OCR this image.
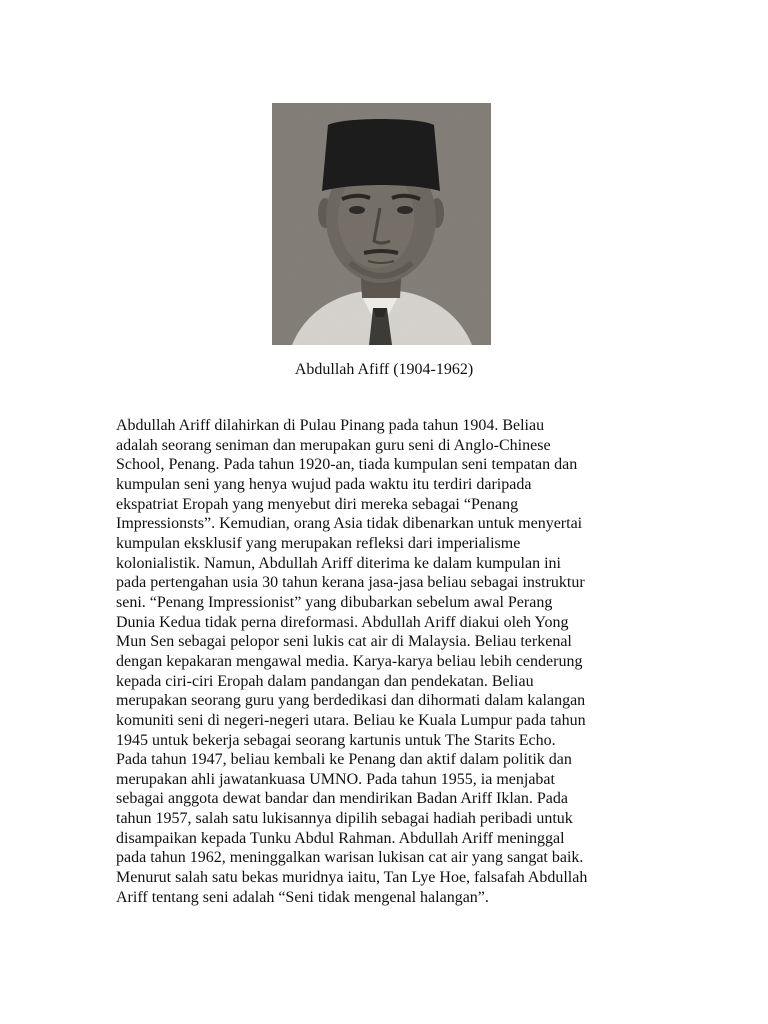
Abdullah Afiff (1904-1962)

Abdullah Ariff dilahirkan di Pulau Pinang pada tahun 1904. Beliau
adalah seorang seniman dan merupakan guru seni di Anglo-Chinese
School, Penang. Pada tahun 1920-an, tiada kumpulan seni tempatan dan
kumpulan seni yang henya wujud pada waktu itu terdiri daripada
ekspatriat Eropah yang menyebut diri mereka sebagai “Penang
Impressionsts”. Kemudian, orang Asia tidak dibenarkan untuk menyertai
kumpulan eksklusif yang merupakan refleksi dari imperialisme
kolonialistik. Namun, Abdullah Ariff diterima ke dalam kumpulan ini
pada pertengahan usia 30 tahun kerana jasa-jasa beliau sebagai instruktur
seni. “Penang Impressionist” yang dibubarkan sebelum awal Perang
Dunia Kedua tidak perna direformasi. Abdullah Ariff diakui oleh Yong
Mun Sen sebagai pelopor seni lukis cat air di Malaysia. Beliau terkenal
dengan kepakaran mengawal media. Karya-karya beliau lebih cenderung
kepada ciri-ciri Eropah dalam pandangan dan pendekatan. Beliau
merupakan seorang guru yang berdedikasi dan dihormati dalam kalangan
komuniti seni di negeri-negeri utara. Beliau ke Kuala Lumpur pada tahun
1945 untuk bekerja sebagai seorang kartunis untuk The Starits Echo.
Pada tahun 1947, beliau kembali ke Penang dan aktif dalam politik dan
merupakan ahli jawatankuasa UMNO. Pada tahun 1955, ia menjabat
sebagai anggota dewat bandar dan mendirikan Badan Ariff Iklan. Pada
tahun 1957, salah satu lukisannya dipilih sebagai hadiah peribadi untuk
disampaikan kepada Tunku Abdul Rahman. Abdullah Ariff meninggal
pada tahun 1962, meninggalkan warisan lukisan cat air yang sangat baik.
Menurut salah satu bekas muridnya iaitu, Tan Lye Hoe, falsafah Abdullah
Ariff tentang seni adalah “Seni tidak mengenal halangan”.
